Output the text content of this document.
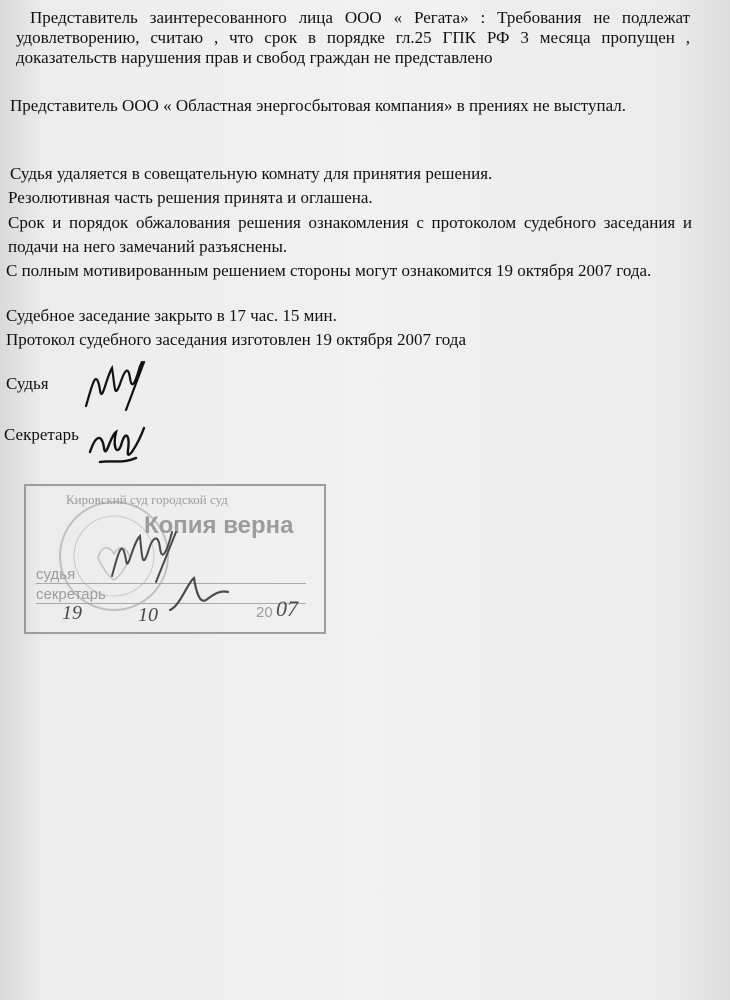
Представитель заинтересованного лица ООО « Регата» : Требования не подлежат удовлетворению, считаю , что срок в порядке гл.25 ГПК РФ 3 месяца пропущен , доказательств нарушения прав и свобод граждан не представлено
Представитель ООО « Областная энергосбытовая компания» в прениях не выступал.
Судья удаляется в совещательную комнату для принятия решения.
Резолютивная часть решения принята и оглашена.
Срок и порядок обжалования решения ознакомления с протоколом судебного заседания и подачи на него замечаний разъяснены.
С полным мотивированным решением стороны могут ознакомится 19 октября 2007 года.
Судебное заседание закрыто в 17 час. 15 мин.
Протокол судебного заседания изготовлен 19 октября 2007 года
Судья
Секретарь
Кировский суд городской суд
Копия верна
судья
секретарь
19	10	20 07
